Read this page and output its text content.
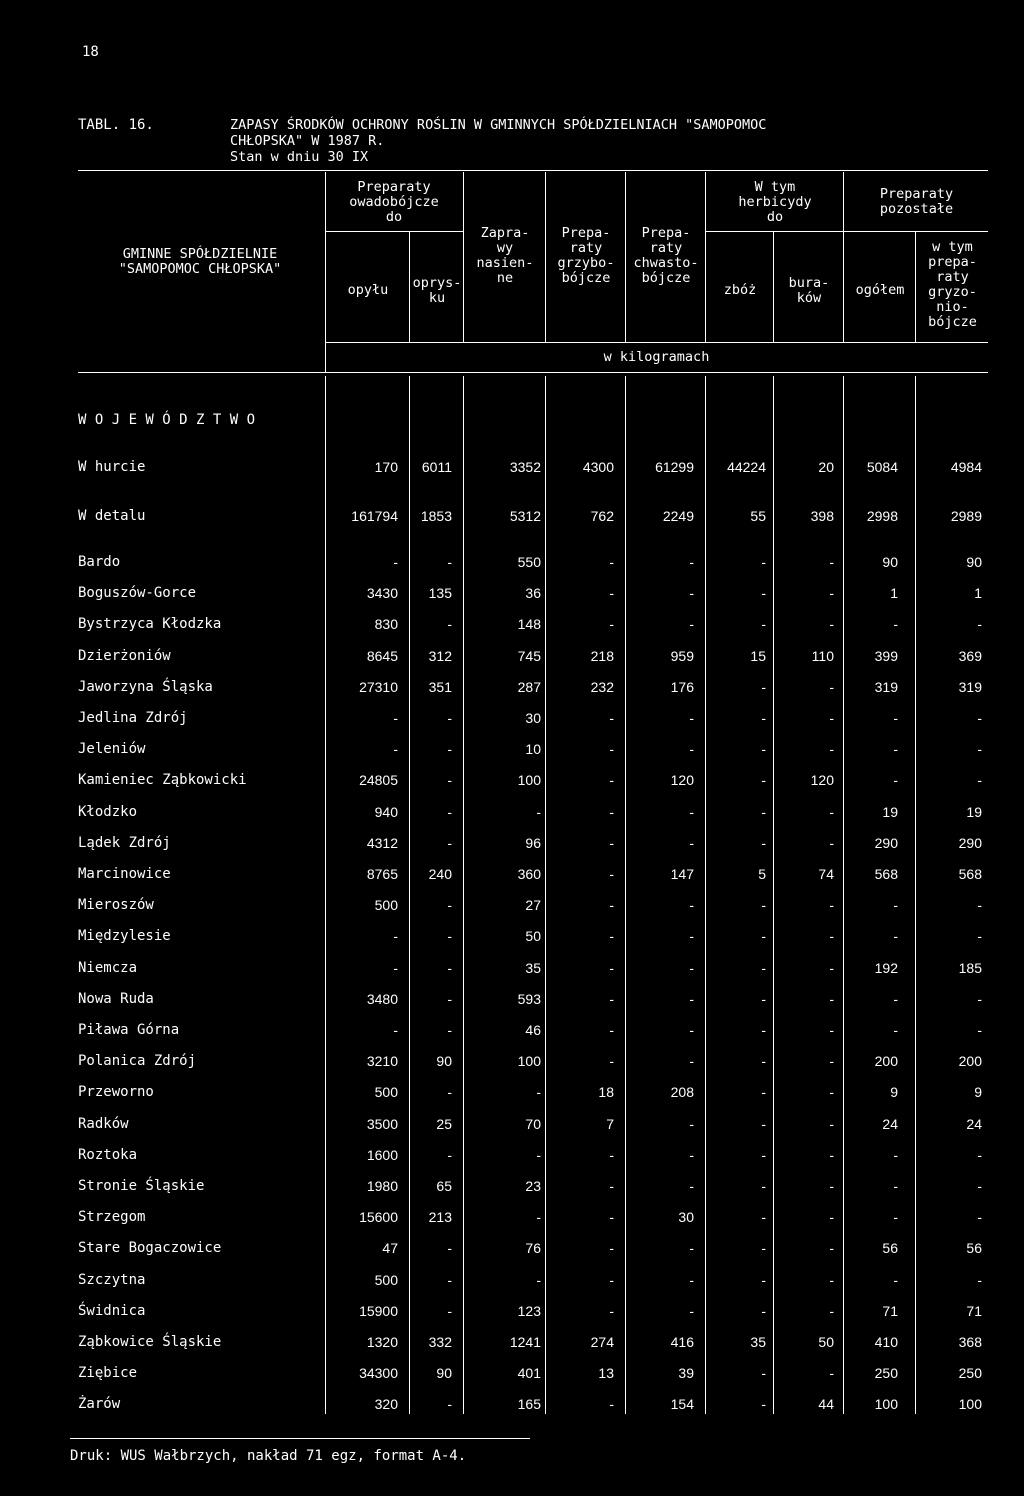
18
TABL. 16.	ZAPASY ŚRODKÓW OCHRONY ROŚLIN W GMINNYCH SPÓŁDZIELNIACH "SAMOPOMOC
CHŁOPSKA" W 1987 R.
Stan w dniu 30 IX
GMINNE SPÓŁDZIELNIE
"SAMOPOMOC CHŁOPSKA"
Preparaty
owadobójcze
do
opyłu	oprys-
ku
Zapra-
wy
nasien-
ne
Prepa-
raty
grzybo-
bójcze
Prepa-
raty
chwasto-
bójcze
W tym
herbicydy
do
zbóż	bura-
ków
Preparaty
pozostałe
ogółem
w tym
prepa-
raty
gryzo-
nio-
bójcze
w kilogramach
W O J E W Ó D Z T W O
W hurcie	170	6011	3352	4300	61299	44224	20	5084	4984
W detalu	161794	1853	5312	762	2249	55	398	2998	2989
Bardo	-	-	550	-	-	-	-	90	90
Boguszów-Gorce	3430	135	36	-	-	-	-	1	1
Bystrzyca Kłodzka	830	-	148	-	-	-	-	-	-
Dzierżoniów	8645	312	745	218	959	15	110	399	369
Jaworzyna Śląska	27310	351	287	232	176	-	-	319	319
Jedlina Zdrój	-	-	30	-	-	-	-	-	-
Jeleniów	-	-	10	-	-	-	-	-	-
Kamieniec Ząbkowicki	24805	-	100	-	120	-	120	-	-
Kłodzko	940	-	-	-	-	-	-	19	19
Lądek Zdrój	4312	-	96	-	-	-	-	290	290
Marcinowice	8765	240	360	-	147	5	74	568	568
Mieroszów	500	-	27	-	-	-	-	-	-
Międzylesie	-	-	50	-	-	-	-	-	-
Niemcza	-	-	35	-	-	-	-	192	185
Nowa Ruda	3480	-	593	-	-	-	-	-	-
Piława Górna	-	-	46	-	-	-	-	-	-
Polanica Zdrój	3210	90	100	-	-	-	-	200	200
Przeworno	500	-	-	18	208	-	-	9	9
Radków	3500	25	70	7	-	-	-	24	24
Roztoka	1600	-	-	-	-	-	-	-	-
Stronie Śląskie	1980	65	23	-	-	-	-	-	-
Strzegom	15600	213	-	-	30	-	-	-	-
Stare Bogaczowice	47	-	76	-	-	-	-	56	56
Szczytna	500	-	-	-	-	-	-	-	-
Świdnica	15900	-	123	-	-	-	-	71	71
Ząbkowice Śląskie	1320	332	1241	274	416	35	50	410	368
Ziębice	34300	90	401	13	39	-	-	250	250
Żarów	320	-	165	-	154	-	44	100	100
Druk: WUS Wałbrzych, nakład 71 egz, format A-4.
